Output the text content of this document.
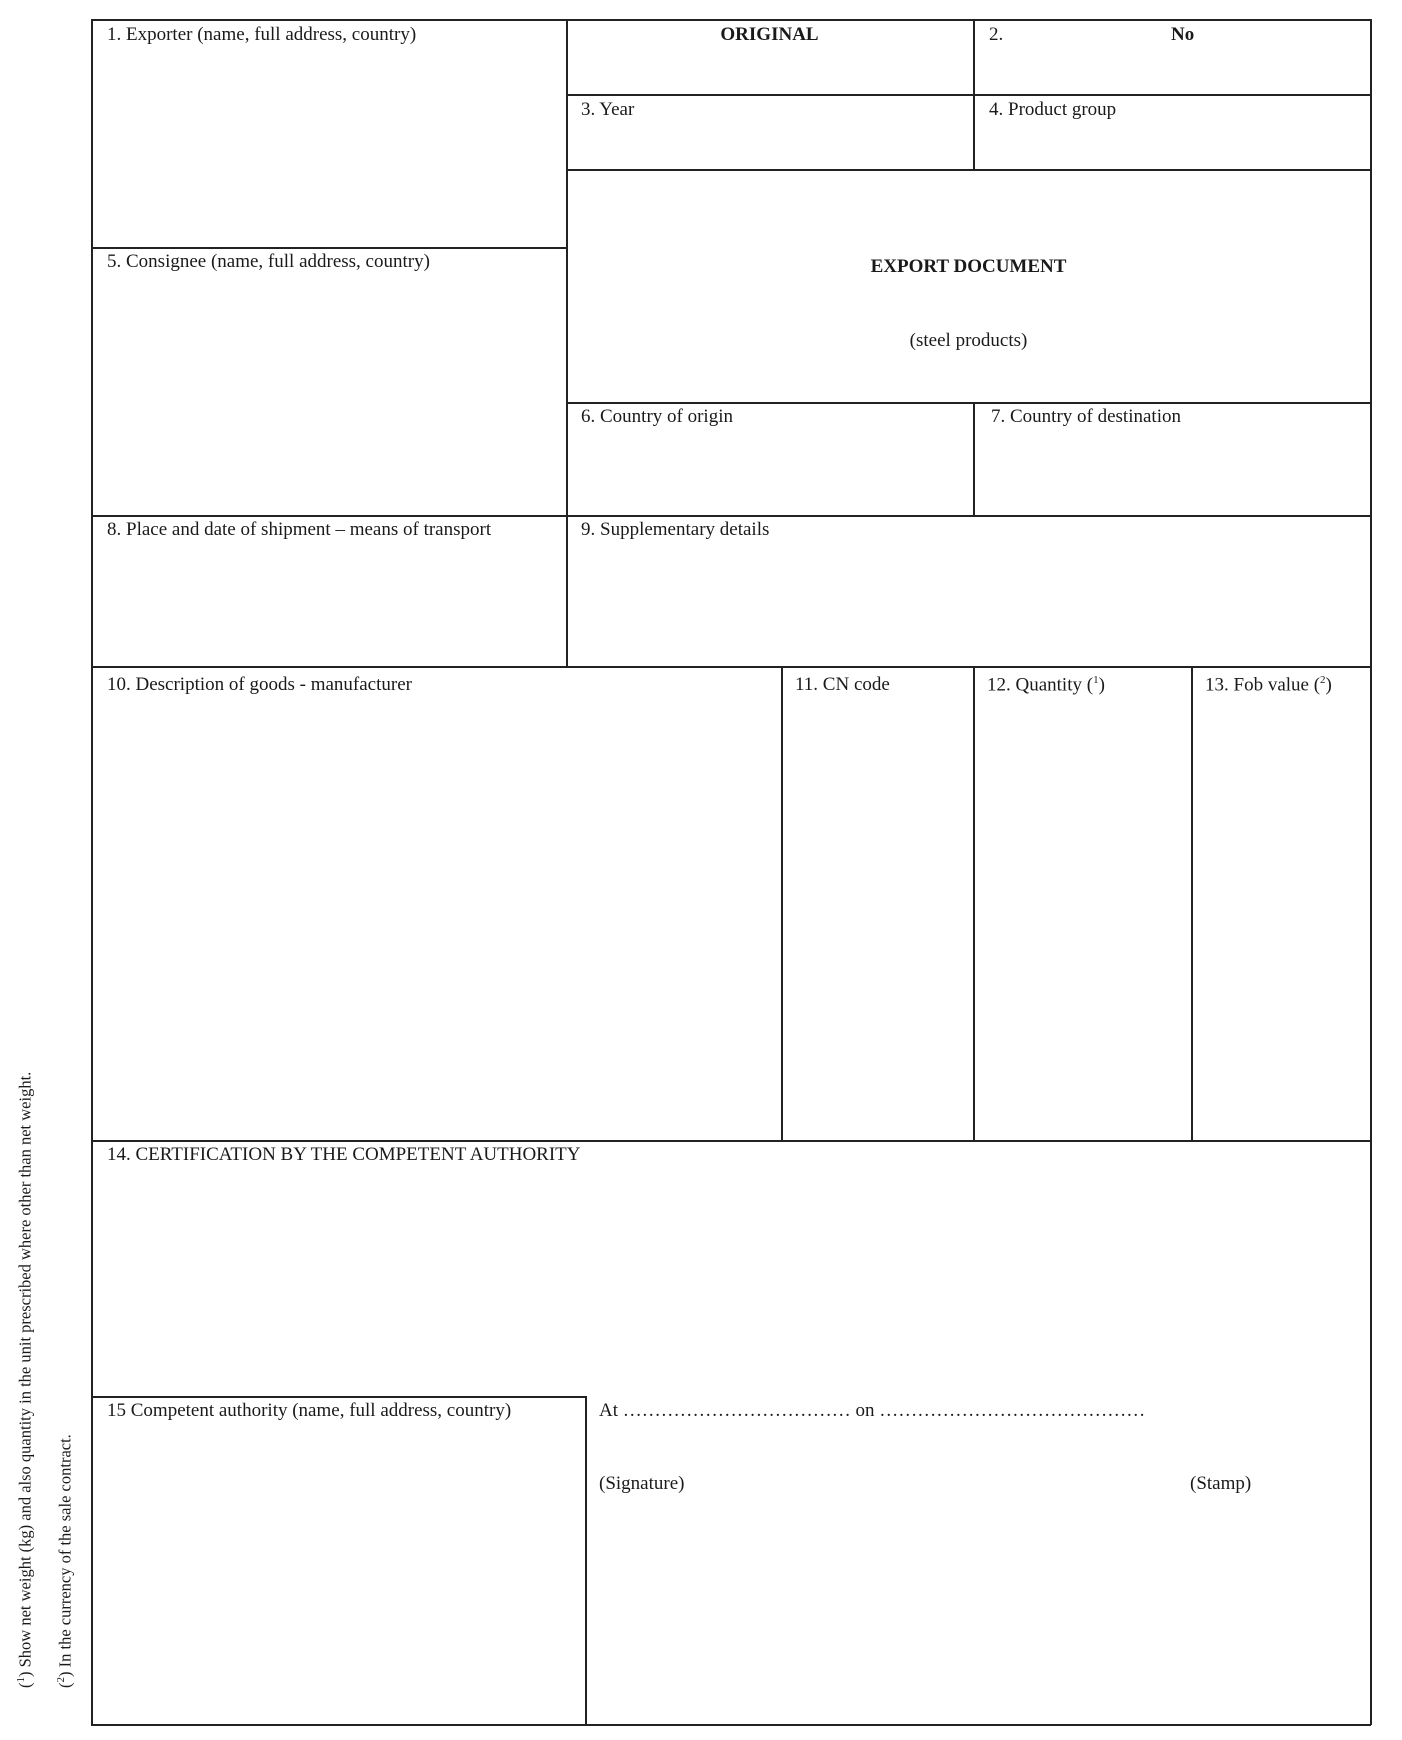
1. Exporter (name, full address, country)	ORIGINAL	2.	No
3. Year	4. Product group
5. Consignee (name, full address, country)	EXPORT DOCUMENT
(steel products)
6. Country of origin	7. Country of destination
8. Place and date of shipment – means of transport	9. Supplementary details
10. Description of goods - manufacturer	11. CN code	12. Quantity ($^1$)	13. Fob value ($^2$)
14. CERTIFICATION BY THE COMPETENT AUTHORITY
15 Competent authority (name, full address, country)	At ……………………………… on ……………………………………
(Signature)	(Stamp)
($^1$) Show net weight (kg) and also quantity in the unit prescribed where other than net weight.
($^2$) In the currency of the sale contract.
